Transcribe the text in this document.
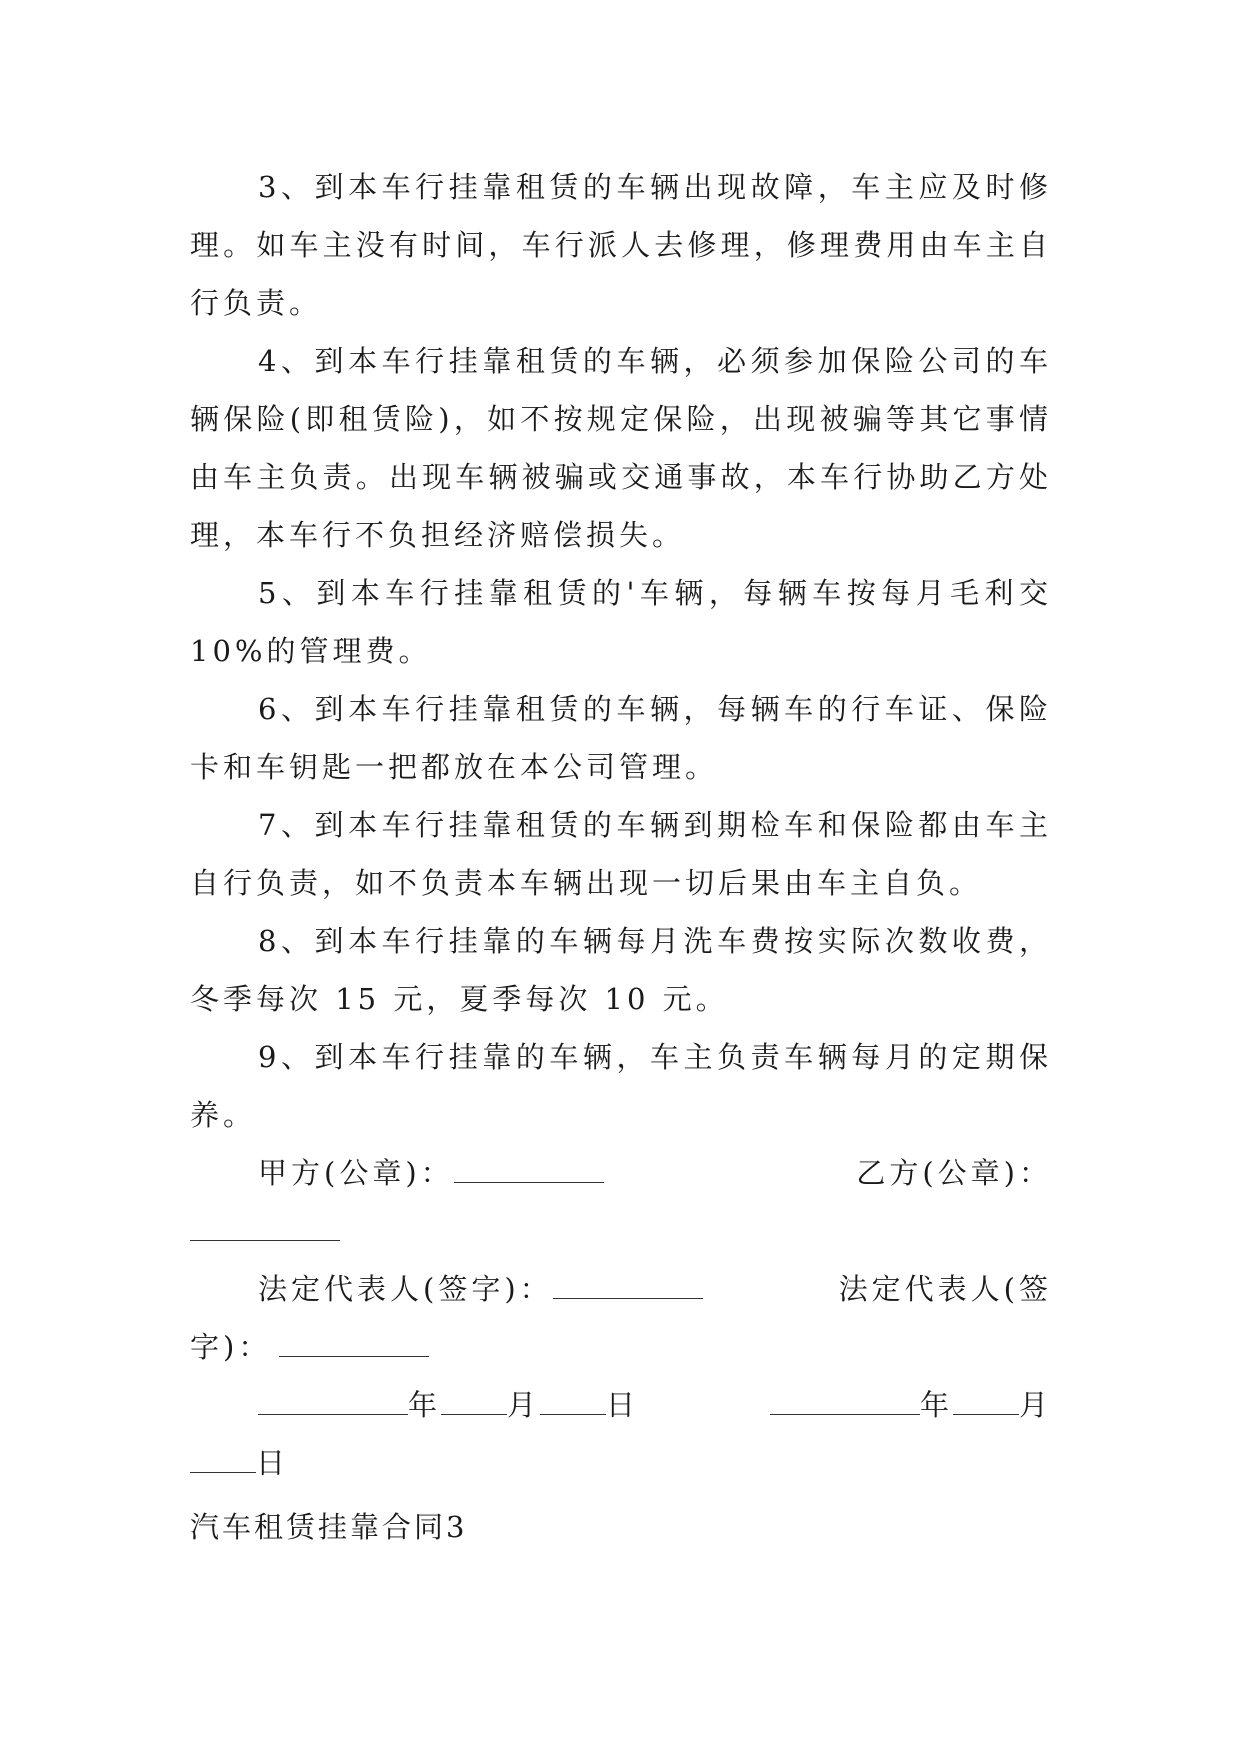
3、到本车行挂靠租赁的车辆出现故障，车主应及时修理。如车主没有时间，车行派人去修理，修理费用由车主自行负责。

4、到本车行挂靠租赁的车辆，必须参加保险公司的车辆保险(即租赁险)，如不按规定保险，出现被骗等其它事情由车主负责。出现车辆被骗或交通事故，本车行协助乙方处理，本车行不负担经济赔偿损失。

5、到本车行挂靠租赁的'车辆，每辆车按每月毛利交 10%的管理费。

6、到本车行挂靠租赁的车辆，每辆车的行车证、保险卡和车钥匙一把都放在本公司管理。

7、到本车行挂靠租赁的车辆到期检车和保险都由车主自行负责，如不负责本车辆出现一切后果由车主自负。

8、到本车行挂靠的车辆每月洗车费按实际次数收费，冬季每次 15 元，夏季每次 10 元。

9、到本车行挂靠的车辆，车主负责车辆每月的定期保养。

甲方(公章)：	乙方(公章)：
法定代表人(签字)：	法定代表人(签
字)：
年 月 日	年 月
日
汽车租赁挂靠合同3
